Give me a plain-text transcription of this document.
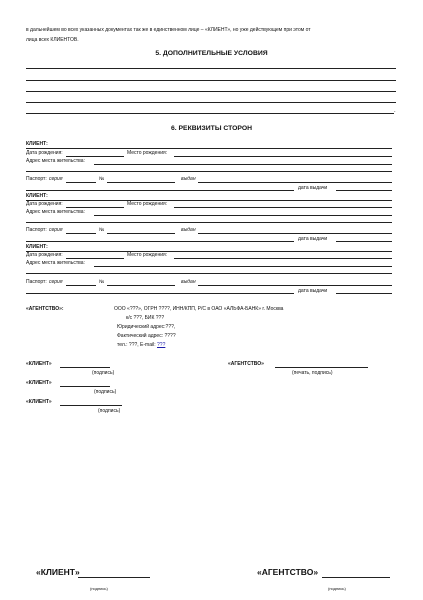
в дальнейшем во всех указанных документах так же в единственном лице – «КЛИЕНТ», но уже действующем при этом от
лица всех КЛИЕНТОВ.
5. ДОПОЛНИТЕЛЬНЫЕ УСЛОВИЯ
.
6. РЕКВИЗИТЫ СТОРОН
КЛИЕНТ:
Дата рождения:	Место рождения:
Адрес места жительства:
Паспорт: серия	№	выдан
дата выдачи
КЛИЕНТ:
Дата рождения:	Место рождения:
Адрес места жительства:
Паспорт: серия	№	выдан
дата выдачи
КЛИЕНТ:
Дата рождения:	Место рождения:
Адрес места жительства:
Паспорт: серия	№	выдан
дата выдачи
«АГЕНТСТВО»:	ООО «???», ОГРН ????, ИНН/КПП, Р/С в ОАО «АЛЬФА-БАНК» г. Москва
к/с ???, БИК ???
Юридический адрес:???,
Фактический адрес: ????
тел.: ???, E-mail: ???
«КЛИЕНТ»
(подпись)
«АГЕНТСТВО»
(печать, подпись)
«КЛИЕНТ»
(подпись)
«КЛИЕНТ»
(подпись)
«КЛИЕНТ»
(подпись)
«АГЕНТСТВО»
(подпись)
